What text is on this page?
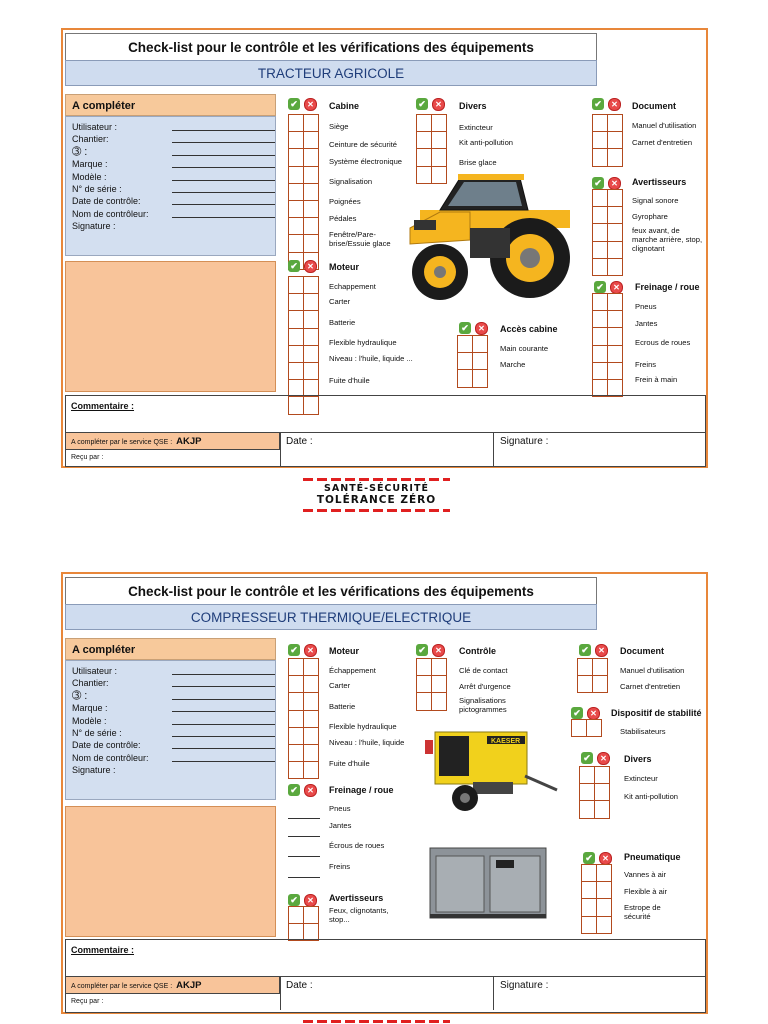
Check-list pour le contrôle et les vérifications des équipements
TRACTEUR AGRICOLE
A compléter
Utilisateur :
Chantier:
➂ :
Marque :
Modèle :
N° de série :
Date de contrôle:
Nom de contrôleur:
Signature :
✔	✕	Cabine

Siège
Ceinture de sécurité
Système électronique
Signalisation
Poignées
Pédales
Fenêtre/Pare-brise/Essuie glace
✔	✕	Divers

Extincteur
Kit anti-pollution
Brise glace
✔	✕	Document

Manuel d'utilisation
Carnet d'entretien
✔	✕	Avertisseurs

Signal sonore
Gyrophare
feux avant, de marche arrière, stop, clignotant
✔	✕	Moteur

Echappement
Carter
Batterie
Flexible hydraulique
Niveau : l'huile, liquide ...
Fuite d'huile
✔	✕	Accès cabine

Main courante
Marche
✔	✕	Freinage / roue

Pneus
Jantes
Ecrous de roues
Freins
Frein à main
Commentaire :
A compléter par le service QSE : AKJP
Reçu par :
Date :	Signature :
SANTÉ-SÉCURITÉ
TOLÉRANCE ZÉRO
Check-list pour le contrôle et les vérifications des équipements
COMPRESSEUR THERMIQUE/ELECTRIQUE
A compléter
Utilisateur :
Chantier:
➂ :
Marque :
Modèle :
N° de série :
Date de contrôle:
Nom de contrôleur:
Signature :
✔	✕	Moteur

Échappement
Carter
Batterie
Flexible hydraulique
Niveau : l'huile, liquide
Fuite d'huile
✔	✕	Contrôle

Clé de contact
Arrêt d'urgence
Signalisations pictogrammes
✔	✕	Document

Manuel d'utilisation
Carnet d'entretien
✔	✕	Dispositif de stabilité

Stabilisateurs
✔	✕	Divers

Extincteur
Kit anti-pollution
KAESER
✔	✕	Freinage / roue
Pneus
Jantes
Écrous de roues
Freins
✔	✕	Avertisseurs

Feux, clignotants, stop...
✔	✕	Pneumatique

Vannes à air
Flexible à air
Estrope de sécurité
Commentaire :
A compléter par le service QSE : AKJP
Reçu par :
Date :	Signature :
